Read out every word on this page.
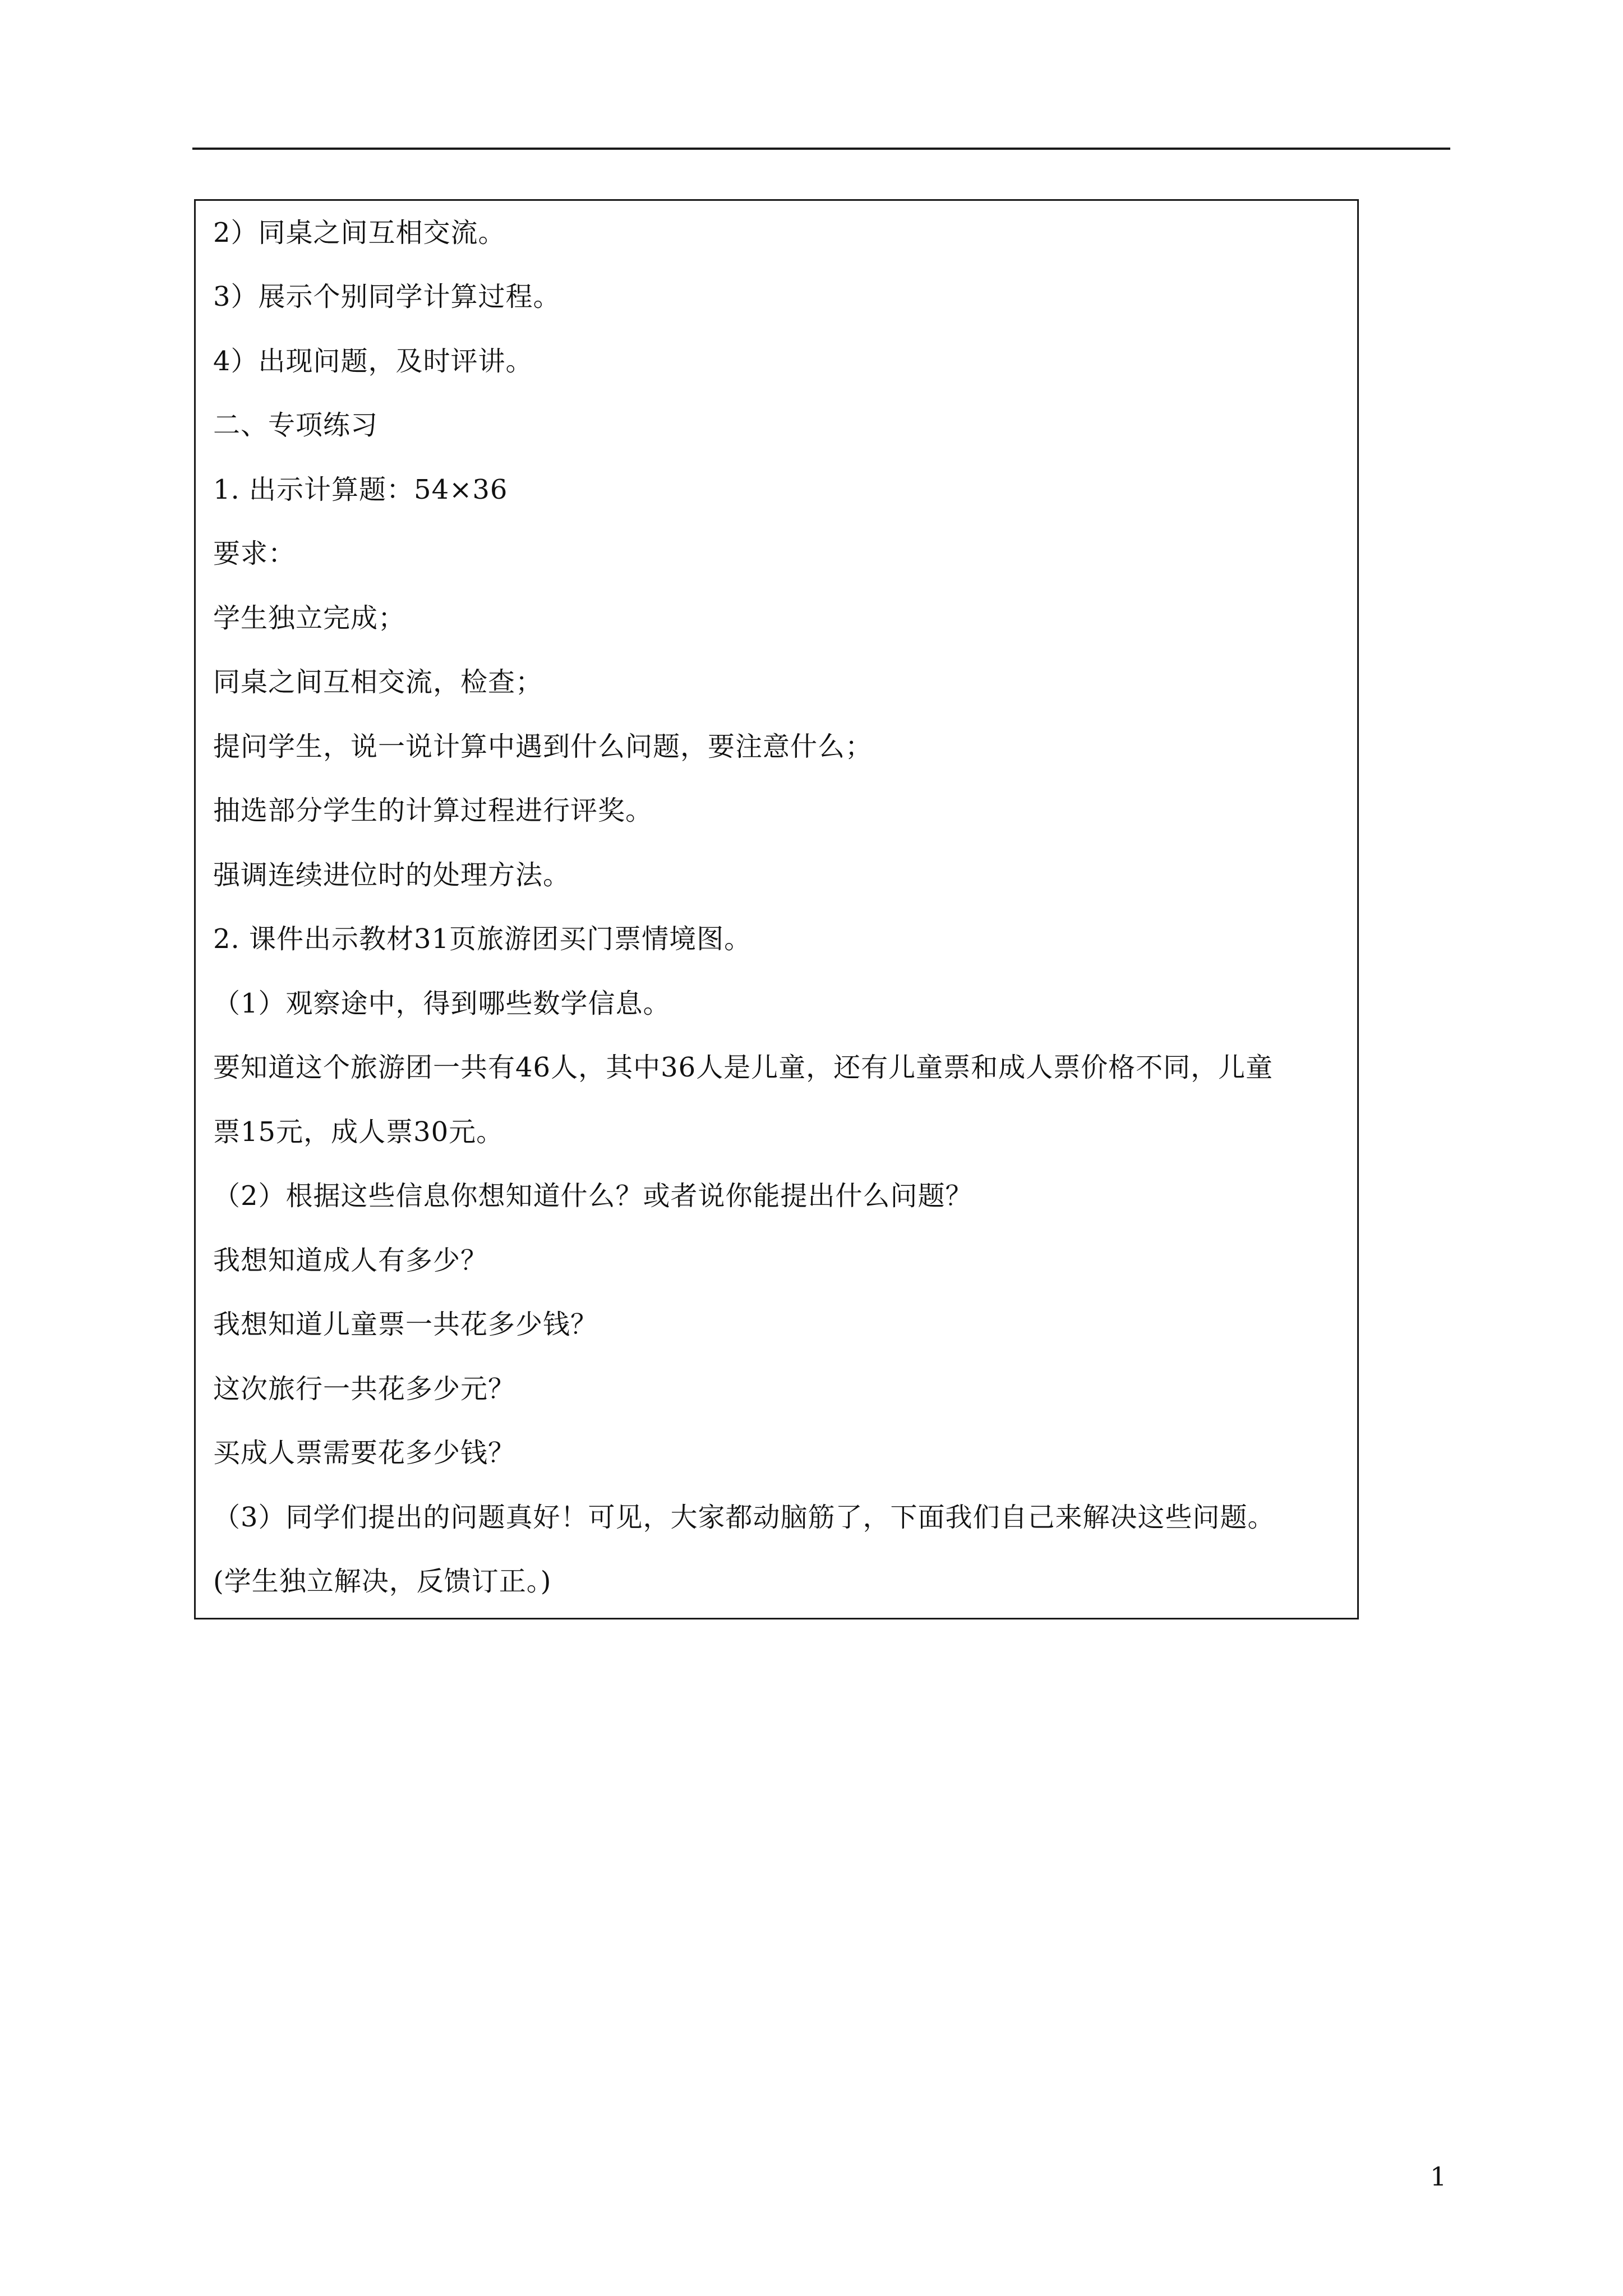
2）同桌之间互相交流。

3）展示个别同学计算过程。

4）出现问题，及时评讲。

二、专项练习

1. 出示计算题：54×36

要求：

学生独立完成；

同桌之间互相交流，检查；

提问学生，说一说计算中遇到什么问题，要注意什么；

抽选部分学生的计算过程进行评奖。

强调连续进位时的处理方法。

2. 课件出示教材31页旅游团买门票情境图。

（1）观察途中，得到哪些数学信息。

要知道这个旅游团一共有46人，其中36人是儿童，还有儿童票和成人票价格不同，儿童

票15元，成人票30元。

（2）根据这些信息你想知道什么？或者说你能提出什么问题？

我想知道成人有多少？

我想知道儿童票一共花多少钱？

这次旅行一共花多少元？

买成人票需要花多少钱？

（3）同学们提出的问题真好！可见，大家都动脑筋了，下面我们自己来解决这些问题。

(学生独立解决，反馈订正。)

1
